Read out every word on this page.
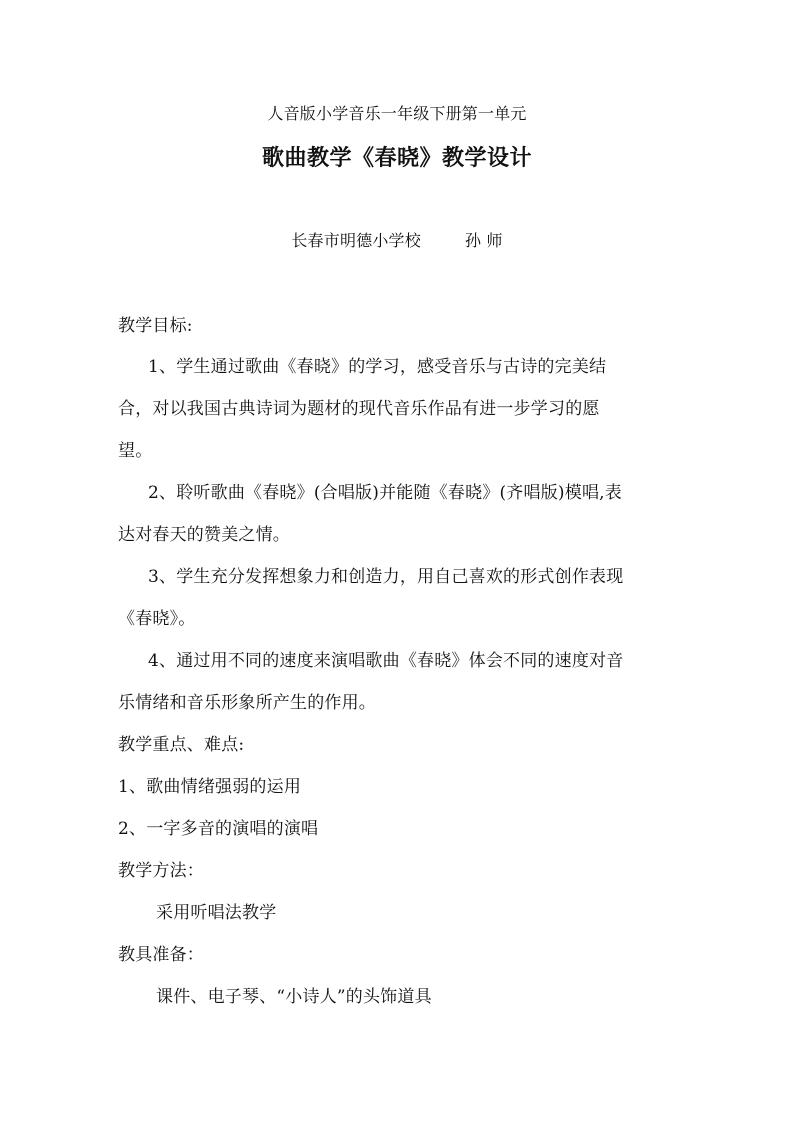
人音版小学音乐一年级下册第一单元
歌曲教学《春晓》教学设计
长春市明德小学校	孙 师
教学目标:
1、学生通过歌曲《春晓》的学习，感受音乐与古诗的完美结
合，对以我国古典诗词为题材的现代音乐作品有进一步学习的愿
望。
2、聆听歌曲《春晓》(合唱版)并能随《春晓》(齐唱版)模唱,表
达对春天的赞美之情。
3、学生充分发挥想象力和创造力，用自己喜欢的形式创作表现
《春晓》。
4、通过用不同的速度来演唱歌曲《春晓》体会不同的速度对音
乐情绪和音乐形象所产生的作用。
教学重点、难点:
1、歌曲情绪强弱的运用
2、一字多音的演唱的演唱
教学方法：
采用听唱法教学
教具准备：
课件、电子琴、“小诗人”的头饰道具
